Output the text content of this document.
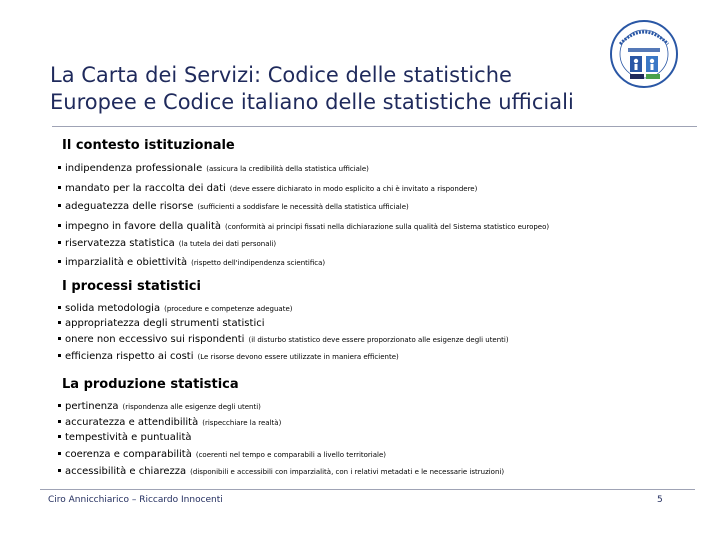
La Carta dei Servizi: Codice delle statistiche
Europee e Codice italiano delle statistiche ufficiali
Il contesto istituzionale
indipendenza professionale (assicura la credibilità della statistica ufficiale)
mandato per la raccolta dei dati (deve essere dichiarato in modo esplicito a chi è invitato a rispondere)
adeguatezza delle risorse (sufficienti a soddisfare le necessità della statistica ufficiale)
impegno in favore della qualità (conformità ai principi fissati nella dichiarazione sulla qualità del Sistema statistico europeo)
riservatezza statistica (la tutela dei dati personali)
imparzialità e obiettività (rispetto dell'indipendenza scientifica)
I processi statistici
solida metodologia (procedure e competenze adeguate)
appropriatezza degli strumenti statistici
onere non eccessivo sui rispondenti (il disturbo statistico deve essere proporzionato alle esigenze degli utenti)
efficienza rispetto ai costi (Le risorse devono essere utilizzate in maniera efficiente)
La produzione statistica
pertinenza (rispondenza alle esigenze degli utenti)
accuratezza e attendibilità (rispecchiare la realtà)
tempestività e puntualità
coerenza e comparabilità (coerenti nel tempo e comparabili a livello territoriale)
accessibilità e chiarezza (disponibili e accessibili con imparzialità, con i relativi metadati e le necessarie istruzioni)
Ciro Annicchiarico – Riccardo Innocenti	5
